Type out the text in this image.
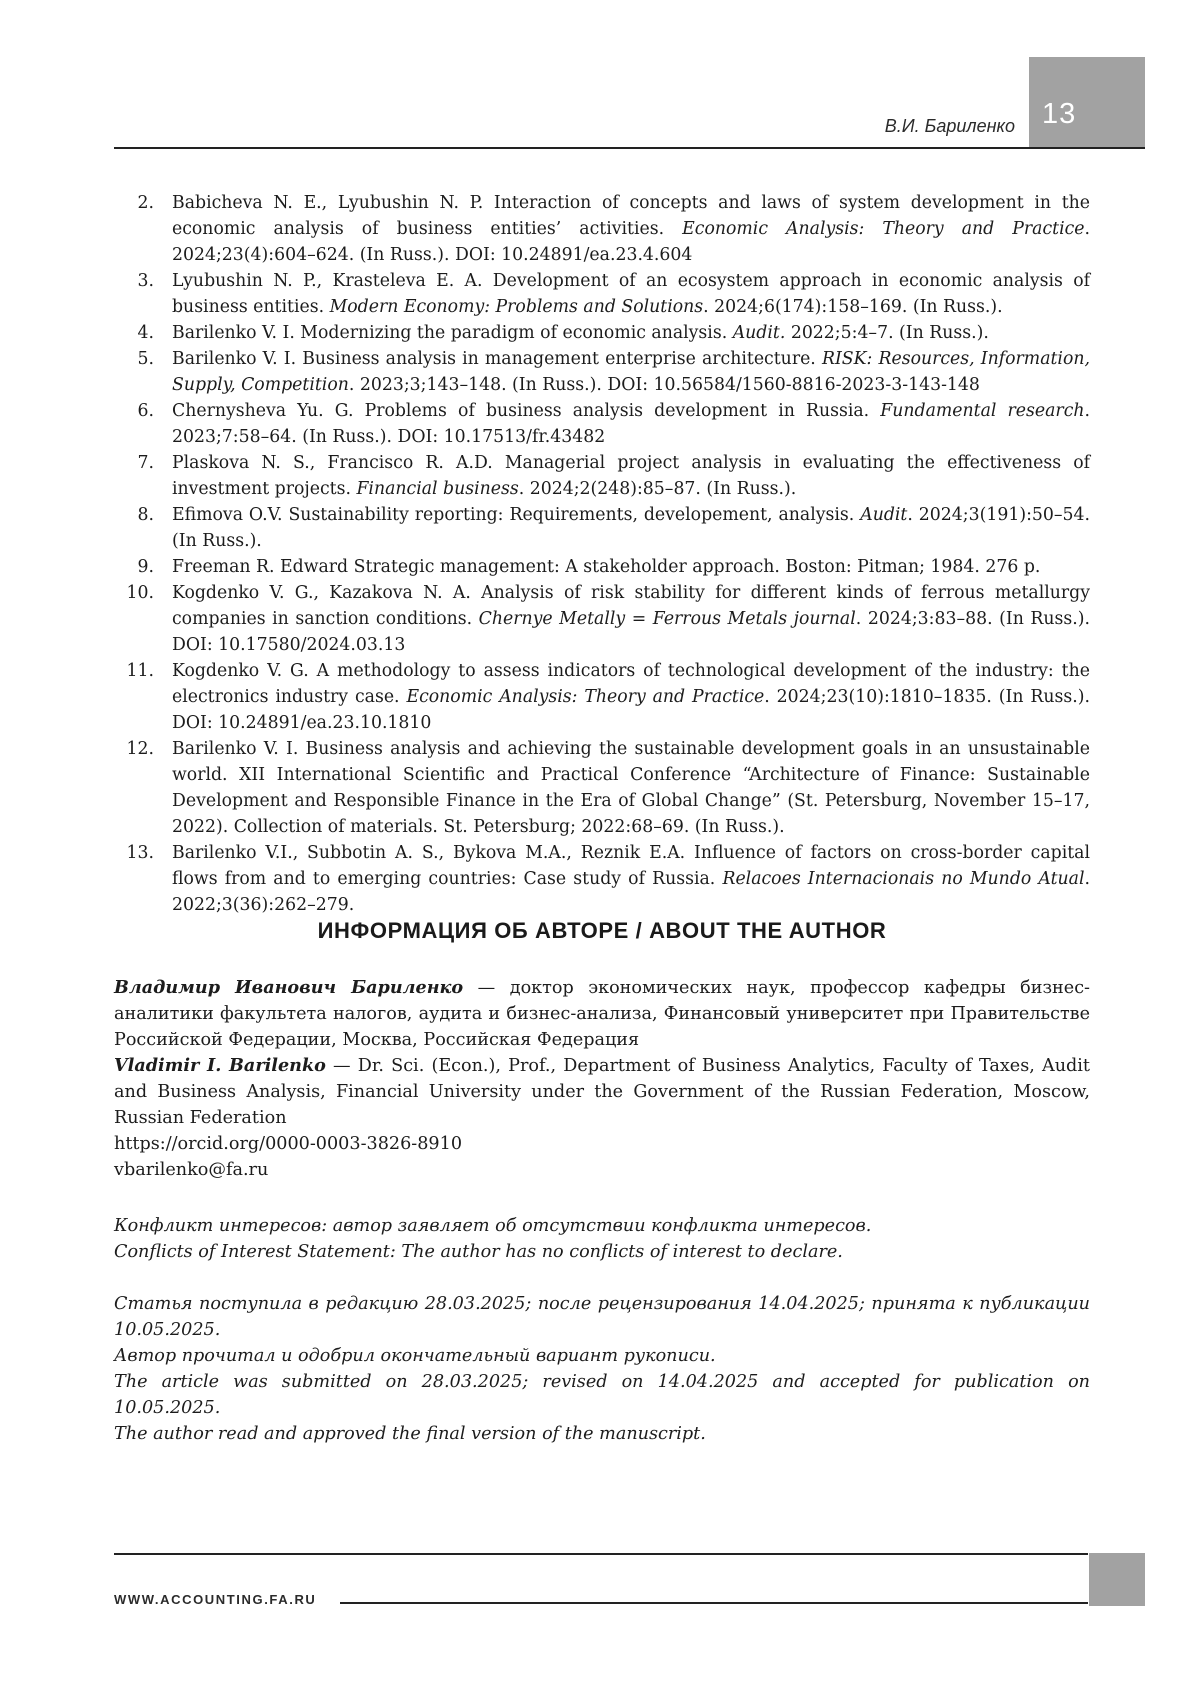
В.И. Бариленко 13
2. Babicheva N. E., Lyubushin N. P. Interaction of concepts and laws of system development in the economic analysis of business entities’ activities. Economic Analysis: Theory and Practice. 2024;23(4):604–624. (In Russ.). DOI: 10.24891/ea.23.4.604
3. Lyubushin N. P., Krasteleva E. A. Development of an ecosystem approach in economic analysis of business entities. Modern Economy: Problems and Solutions. 2024;6(174):158–169. (In Russ.).
4. Barilenko V. I. Modernizing the paradigm of economic analysis. Audit. 2022;5:4–7. (In Russ.).
5. Barilenko V. I. Business analysis in management enterprise architecture. RISK: Resources, Information, Supply, Competition. 2023;3;143–148. (In Russ.). DOI: 10.56584/1560-8816-2023-3-143-148
6. Chernysheva Yu. G. Problems of business analysis development in Russia. Fundamental research. 2023;7:58–64. (In Russ.). DOI: 10.17513/fr.43482
7. Plaskova N. S., Francisco R. A.D. Managerial project analysis in evaluating the effectiveness of investment projects. Financial business. 2024;2(248):85–87. (In Russ.).
8. Efimova O.V. Sustainability reporting: Requirements, developement, analysis. Audit. 2024;3(191):50–54. (In Russ.).
9. Freeman R. Edward Strategic management: A stakeholder approach. Boston: Pitman; 1984. 276 p.
10. Kogdenko V. G., Kazakova N. A. Analysis of risk stability for different kinds of ferrous metallurgy companies in sanction conditions. Chernye Metally = Ferrous Metals journal. 2024;3:83–88. (In Russ.). DOI: 10.17580/2024.03.13
11. Kogdenko V. G. A methodology to assess indicators of technological development of the industry: the electronics industry case. Economic Analysis: Theory and Practice. 2024;23(10):1810–1835. (In Russ.). DOI: 10.24891/ea.23.10.1810
12. Barilenko V. I. Business analysis and achieving the sustainable development goals in an unsustainable world. XII International Scientific and Practical Conference “Architecture of Finance: Sustainable Development and Responsible Finance in the Era of Global Change” (St. Petersburg, November 15–17, 2022). Collection of materials. St. Petersburg; 2022:68–69. (In Russ.).
13. Barilenko V.I., Subbotin A. S., Bykova M.A., Reznik E.A. Influence of factors on cross-border capital flows from and to emerging countries: Case study of Russia. Relacoes Internacionais no Mundo Atual. 2022;3(36):262–279.
ИНФОРМАЦИЯ ОБ АВТОРЕ / ABOUT THE AUTHOR

Владимир Иванович Бариленко — доктор экономических наук, профессор кафедры бизнес-аналитики факультета налогов, аудита и бизнес-анализа, Финансовый университет при Правительстве Российской Федерации, Москва, Российская Федерация

Vladimir I. Barilenko — Dr. Sci. (Econ.), Prof., Department of Business Analytics, Faculty of Taxes, Audit and Business Analysis, Financial University under the Government of the Russian Federation, Moscow, Russian Federation

https://orcid.org/0000-0003-3826-8910

vbarilenko@fa.ru

Конфликт интересов: автор заявляет об отсутствии конфликта интересов.

Conflicts of Interest Statement: The author has no conflicts of interest to declare.

Статья поступила в редакцию 28.03.2025; после рецензирования 14.04.2025; принята к публикации 10.05.2025.

Автор прочитал и одобрил окончательный вариант рукописи.

The article was submitted on 28.03.2025; revised on 14.04.2025 and accepted for publication on 10.05.2025.

The author read and approved the final version of the manuscript.

WWW.ACCOUNTING.FA.RU
